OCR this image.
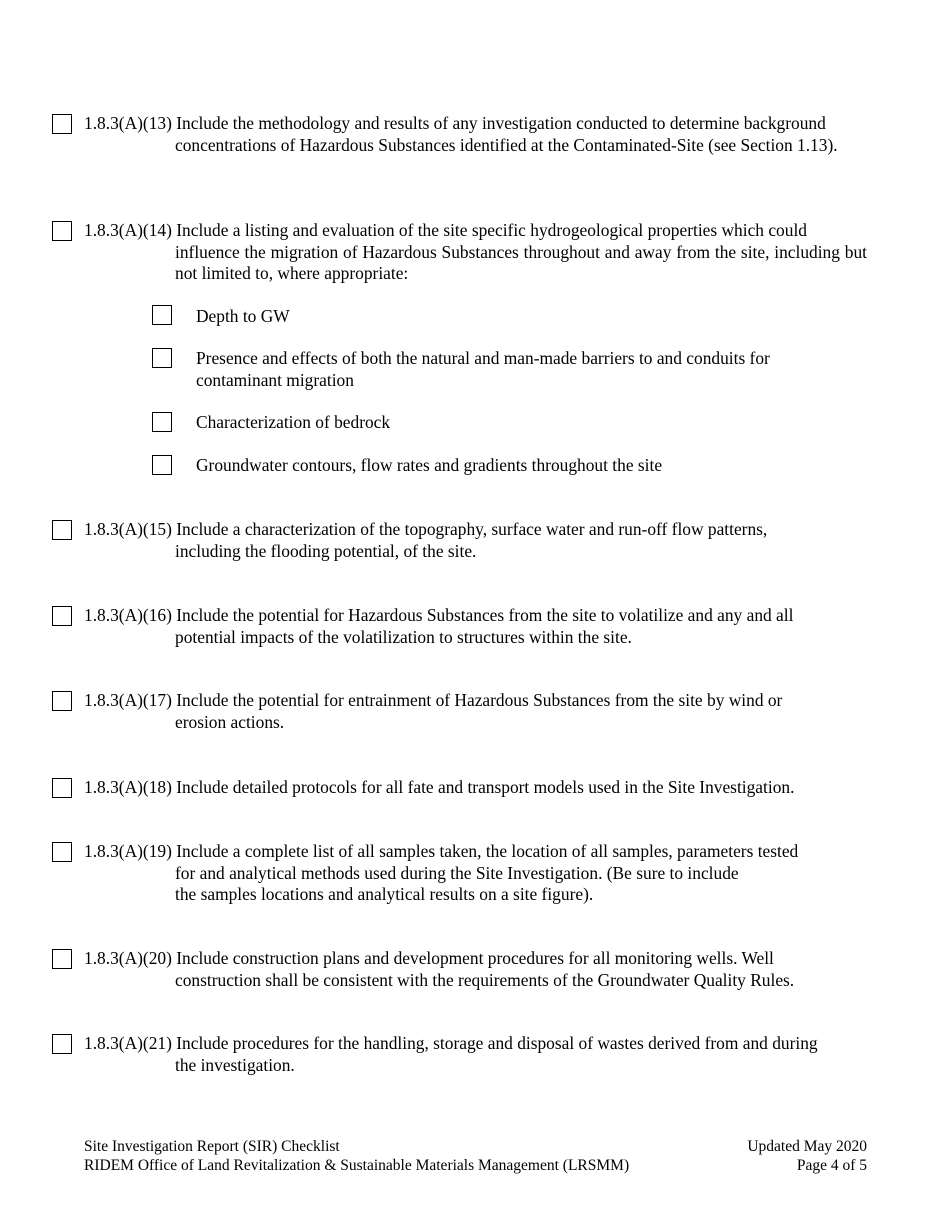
1.8.3(A)(13) Include the methodology and results of any investigation conducted to determine background
concentrations of Hazardous Substances identified at the Contaminated-Site (see Section 1.13).
1.8.3(A)(14) Include a listing and evaluation of the site specific hydrogeological properties which could
influence the migration of Hazardous Substances throughout and away from the site, including but not limited to, where appropriate:
Depth to GW
Presence and effects of both the natural and man-made barriers to and conduits for contaminant migration
Characterization of bedrock
Groundwater contours, flow rates and gradients throughout the site
1.8.3(A)(15) Include a characterization of the topography, surface water and run-off flow patterns,
including the flooding potential, of the site.
1.8.3(A)(16) Include the potential for Hazardous Substances from the site to volatilize and any and all
potential impacts of the volatilization to structures within the site.
1.8.3(A)(17) Include the potential for entrainment of Hazardous Substances from the site by wind or
erosion actions.
1.8.3(A)(18) Include detailed protocols for all fate and transport models used in the Site Investigation.
1.8.3(A)(19) Include a complete list of all samples taken, the location of all samples, parameters tested
for and analytical methods used during the Site Investigation. (Be sure to include the samples locations and analytical results on a site figure).
1.8.3(A)(20) Include construction plans and development procedures for all monitoring wells. Well
construction shall be consistent with the requirements of the Groundwater Quality Rules.
1.8.3(A)(21) Include procedures for the handling, storage and disposal of wastes derived from and during
the investigation.
Site Investigation Report (SIR) Checklist	Updated May 2020
RIDEM Office of Land Revitalization & Sustainable Materials Management (LRSMM)	Page 4 of 5
